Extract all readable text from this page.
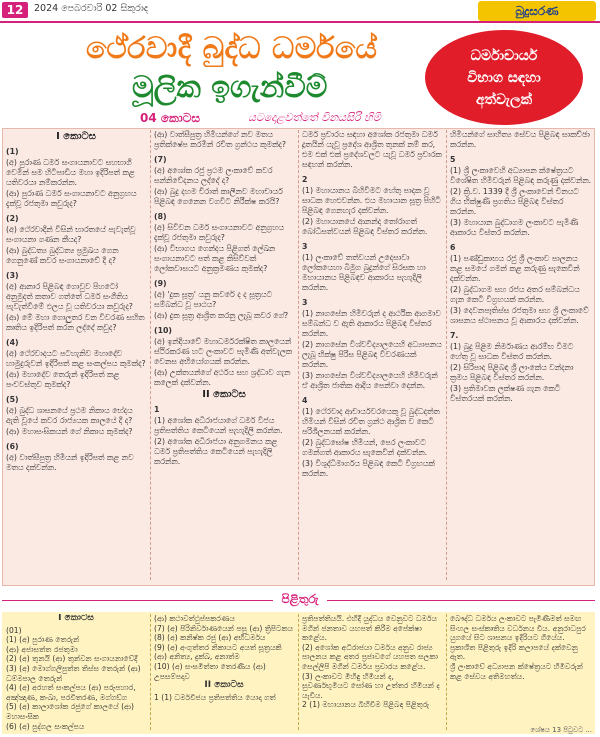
12	2024 පෙබරවාරි 02 සිකුරාද	බුදුසරණ
ථේරවාදී බුද්ධ ධර්මයේ
මූලික ඉගැන්වීම්
ධර්මාචාර්ය
විභාග සඳහා
අත්වැලක්
04 කොටස	යටදොළවත්තේ විනයසිරි හිමි
I කොටස

(1)

(අ) පුරාණ ධර්ම සංගායනාවට සහභාගී වෙමින් සම හිටිපාඩිය මහා ඉදිරිපත් කළ යතිවරයා නම්කරන්න.

(ආ) පුරාණ ධර්ම සංගායනාවට අනුග්‍රහය දැක්වූ රජතුමා කවුරුද?

(2)

(අ) ථේරවාදීන් විසින් භාරතයේ පැවැත්වූ සංගායනා ගණන කීයද?

(ආ) බුද්ධත්‍ය බුද්ධත්‍ය ප්‍රමුඛය ගෙන ගෙනුණේ කවර සංගායනාවේ දී ද?

(3)

(අ) ආනාර පිළිබඳ ගොවුව පිහටෝ අනුමුදත් කතාව ගත්තේ ධර්ම සංගීතිය පැවැත්වීමේ ඵලය වූ යතිවරයා කවුරුද?

(ආ) මේ මහා ගොලුතර වන විවරණ සහිත කෘතිය ඉදිරිපත් කරන ලද්දේ කවුද?

(4)

(අ) ථේරවාදයට පටහැනිව මහාදේව හාමුදුරුවන් ඉදිරිපත් කළ සංකල්පය කුමක්ද?

(ආ) මහාදේව තෙරුන් ඉදිරිපත් කළ පංචවස්තුව කුමක්ද?

(5)

(අ) බුද්ධ ශාසනයේ ප්‍රථම නිකාය භේදය ඇති වූයේ කවර රාජ්‍යයක කාලයේ දී ද?

(ආ) මහාසංඝිකයන් ගේ නිකාය කුමක්ද?

(6)

(අ) වාත්සීපුත්‍ර හිමියන් ඉදිරිපත් කළ නව මතය දක්වන්න.

(ආ) වාත්සීපුත්‍ර හිමියන්ගේ නව මතය ප්‍රතික්ෂේප කරමින් රචිත ග්‍රන්ථය කුමක්ද?

(7)

(අ) අශෝක රජු ප්‍රථම ලංකාවේ කවර සන්නිවේදනය ලද්දේ ද?

(ආ) බුදු දහම චිරාත් කාලීනව මහාචාර්ය පිළිබඳ ගෙනෙන වගවිට නිරීක්ෂ කරයි?

(8)

(අ) සිවිවන ධර්ම සංගායනාවට අනුග්‍රහය දැක්වූ රජතුමා කවුරුද?

(ආ) විභාගය ගෙන්දය පිළිගත් ලේඛන සංගායනාවට පත් කළ කිසිව්වක් ලෝකවාසයට අනුක්‍රමණය කුමක්ද?

(9)

(අ) 'දුක සූත්‍ර' යනු කවරේ ද ද සූත්‍රයට සම්බන්ධ වූ පාඨය?

(ආ) දුක සූත්‍ර ආශ්‍රිත කරනු ලැබූ කවර ගේ?

(10)

(අ) ඉන්දියාවේ මහාධර්මරක්ෂිත කාලයෙන් ස්ථිරකරණ හට ලංකාවට පැමිණි අත්වැලක වෙනස අභියෝගයක් කරන්න.

(ආ) උක්තයන්ගේ අර්ථය සහ ශ්‍රද්ධාව ගැන කලෙක් දක්වන්න.

II කොටස

1

(1) අශෝක අධිරාජයාගේ ධර්ම විජය ප්‍රතිපත්තිය කෙටියෙන් පැහැදිලි කරන්න.

(2) අශෝක අධිරාජයා අනුගමනය කළ ධර්ම ප්‍රතිපත්තිය කෙටියෙන් පැහැදිලි කරන්න.

ධර්ම ප්‍රචාරය සඳහා අශෝක රජතුමා ධර්ම දූතයින් යැවූ ප්‍රදේශ ආශ්‍රිත තුනක් නම් කර, එම එක් එක් ප්‍රදේශවලට යැවූ ධර්ම ප්‍රචාරක සඳහන් කරන්න.

2

(1) මහායානය බිහිවීමට හේතු පාදක වූ සාධක හෙළුවන්න. එය මහායාන සූත්‍ර පිහිටි පිළිබඳ ගෙනහැර දක්වන්න.

(2) මහායානයේ ආනන්ද තෝරාගත් බෝධිසත්වයන් පිළිබඳ විස්තර කරන්න.

3

(1) ලංකාවේ තත්වයන් උදෙසාවා ලෝකයෙහා බිමුග බුදුන්ගේ සිරසක හා මහායානය පිළිබඳව ආකාරය පැහැදිලි කරන්න.

3

(1) නාගසේන හිමිවරුන් ද ආර්ථික ආගමාව සම්බන්ධ ව ඇති ආකාරය පිළිබඳ විස්තර කරන්න.

(2) නාගසේන විශ්වවිද්‍යාලයෙහි අධ්‍යාපනය ලැබූ භික්ෂු පිරිස පිළිබඳ විවරණයක් කරන්න.

(3) නාගසේන විශ්වවිද්‍යාලයෙහි හිමිවරුන් ඒ ආශ්‍රිත ජාතික ආදිය පෙන්වා දෙන්න.

4

(1) ථේරවාද ආචාර්යවරයෙකු වූ බුද්ධදත්ත හිමියන් විසින් රචිත ග්‍රන්ථ ආශ්‍රිත ව කෙටි පරිශීලනයක් කරන්න.

(2) බුද්ධඝෝෂ හිමියන්, පෙර ලංකාවට ගමන්ගත් ආකාරය සැකෙවින් දක්වන්න.

(3) විශුද්ධිමාර්ගය පිළිබඳ කෙටි විග්‍රහයක් කරන්න.

හිමියන්ගේ සාහිත්‍ය සේවය පිළිබඳ සාකච්ඡා කරන්න.

5

(1) ශ්‍රී ලංකාවෙහි අධ්‍යාපන ක්ෂේත්‍රයට විශේෂිත හිමිවරුන් පිළිබඳ කරුණු දක්වන්න.

(2) ක්‍රි.ව. 1339 දී ශ්‍රී ලංකාවෙන් චීනයට ගිය භික්ෂුණී ප්‍රගතිය පිළිබඳ විස්තර කරන්න.

(3) මහායාන බුද්ධාගම ලංකාවට පැමිණි ආකාරය විස්තර කරන්න.

6

(1) පණ්ඩුකාභය රජු ශ්‍රී ලංකාව පාලනය කළ සමයේ ගමන් කළ කරුණු සැකෙවින් දක්වන්න.

(2) බුද්ධාගම සහ රජය අතර සම්බන්ධය ගැන කෙටි විග්‍රහයක් කරන්න.

(3) දෙවනපෑතිස්ස රජතුමා සහ ශ්‍රී ලංකාවේ ශාසනය ස්ථාපනය වූ ආකාරය දක්වන්න.

7.

(1) බුදු පිළිම නිර්මාණය ආරම්භ වීමට හේතු වූ සාධක විස්තර කරන්න.

(2) සිරිපාද පිළිබඳ ශ්‍රී ලාංකේය වන්දනා ක්‍රමය පිළිබඳ විස්තර කරන්න.

(3) ප්‍රතිමාවක ලක්ෂණ ගැන කෙටි විස්තරයක් කරන්න.

පිළිතුරු
I කොටස

(01)

(1) (අ) පුරාණ තෙරුන්

(ආ) අජාසත්ත රජතුමා

(2) (අ) තුනයි (ආ) තුන්වන සංගායනාවේදී

(3) (අ) මොග්ගලිපුත්ත තිස්ස තෙරුන් (ආ) ධම්මපාල තෙරුන්

(4) (අ) අරහත් සංකල්පය (ආ) පරූපහාර, අඤ්ඤාණ, කංඛා, පරවිතරණ, මග්ගඞ්ග

(5) (අ) කාලාශෝක රජුගේ කාලයේ (ආ) මහාසංඝික

(6) (අ) පුද්ගල සංකල්පය

(ආ) කථාවත්ථුප්පකරණය

(7) (අ) පිරිනිර්වාණයෙන් පසු (ආ) ත්‍රිපිටකය

(8) (අ) කනිෂ්ක රජු (ආ) අභිධර්මය

(9) (අ) අංගුත්තර නිකායට අයත් සූත්‍රයකි

(ආ) අනිත්‍ය, දුක්ඛ, අනාත්ම

(10) (අ) සංඝමිත්තා තෙරණිය (ආ) උපසම්පදාව

II කොටස

1 (1) ධර්මවිජය ප්‍රතිපත්තිය යොදා ගත්

ප්‍රතිපත්තියයි. එහිදී යුද්ධය වෙනුවට ධර්මය මගින් ජනතාව යහපත් කිරීම අපේක්ෂා කළේය.

(2) අශෝක අධිරාජයා ධර්මය අනුව රාජ්‍ය පාලනය කළ අතර ප්‍රජාවගේ යහපත සලකා සෙල්ලිපි මගින් ධර්මය ප්‍රචාරය කළේය.

(3) ලංකාවට මිහිඳු හිමියන් ද, සුවර්ණභූමියට සෝණ හා උත්තර හිමියන් ද යැවීය.

2 (1) මහායානය බිහිවීම පිළිබඳ පිළිතුරු

බෞද්ධ ධර්මය ලංකාවට පැමිණීමත් සමඟ සිංහල සංස්කෘතිය වර්ධනය විය. අනුරාධපුර යුගයේ සිට ශාසනය ඉදිරියට ගියේය.

ප්‍රකාශිත පිළිතුරු ඉදිරි කලාපයේ දක්වෙනු ඇත.

ශ්‍රී ලංකාවේ අධ්‍යාපන ක්ෂේත්‍රයට හිමිවරුන් කළ සේවය අතිමහත්ය.

ශේෂය 13 පිටුවට ...
